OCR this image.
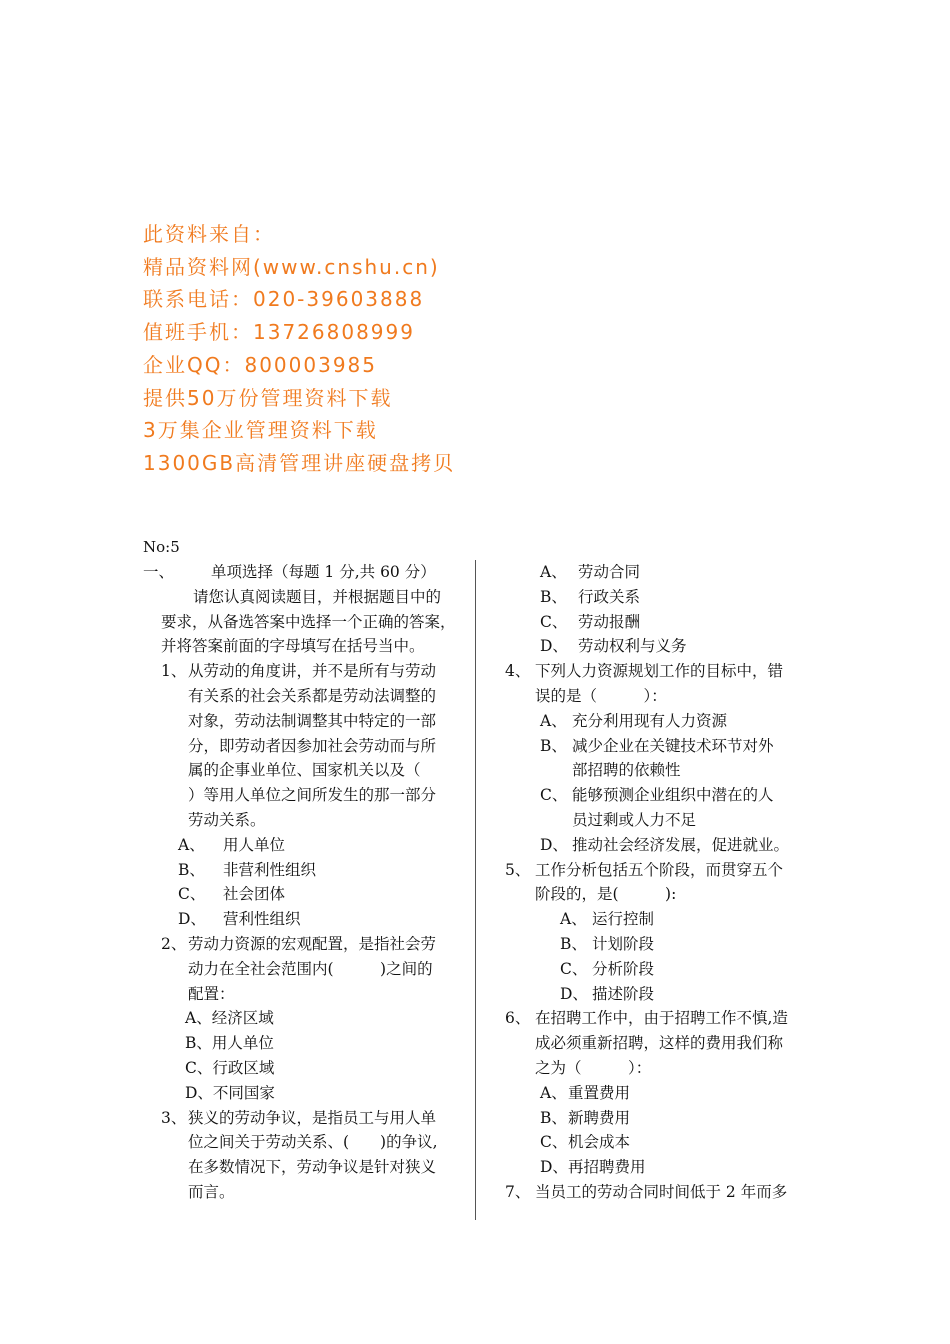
此资料来自：
精品资料网(www.cnshu.cn)
联系电话：020-39603888
值班手机：13726808999
企业QQ：800003985
提供50万份管理资料下载
3万集企业管理资料下载
1300GB高清管理讲座硬盘拷贝
No:5
一、 单项选择（每题 1 分,共 60 分）
请您认真阅读题目，并根据题目中的
要求，从备选答案中选择一个正确的答案，
并将答案前面的字母填写在括号当中。
1、 从劳动的角度讲，并不是所有与劳动
有关系的社会关系都是劳动法调整的
对象，劳动法制调整其中特定的一部
分，即劳动者因参加社会劳动而与所
属的企事业单位、国家机关以及（
）等用人单位之间所发生的那一部分
劳动关系。
A、 用人单位
B、 非营利性组织
C、 社会团体
D、 营利性组织
2、 劳动力资源的宏观配置，是指社会劳
动力在全社会范围内(　　　)之间的
配置：
A、经济区域
B、用人单位
C、行政区域
D、不同国家
3、 狭义的劳动争议，是指员工与用人单
位之间关于劳动关系、(　　)的争议,
在多数情况下，劳动争议是针对狭义
而言。
A、 劳动合同
B、 行政关系
C、 劳动报酬
D、 劳动权利与义务
4、 下列人力资源规划工作的目标中，错
误的是（　　　）：
A、 充分利用现有人力资源
B、 减少企业在关键技术环节对外
部招聘的依赖性
C、 能够预测企业组织中潜在的人
员过剩或人力不足
D、 推动社会经济发展，促进就业。
5、 工作分析包括五个阶段，而贯穿五个
阶段的，是(　　　):
A、 运行控制
B、 计划阶段
C、 分析阶段
D、 描述阶段
6、 在招聘工作中，由于招聘工作不慎,造
成必须重新招聘，这样的费用我们称
之为（　　　）：
A、 重置费用
B、 新聘费用
C、 机会成本
D、 再招聘费用
7、 当员工的劳动合同时间低于 2 年而多
